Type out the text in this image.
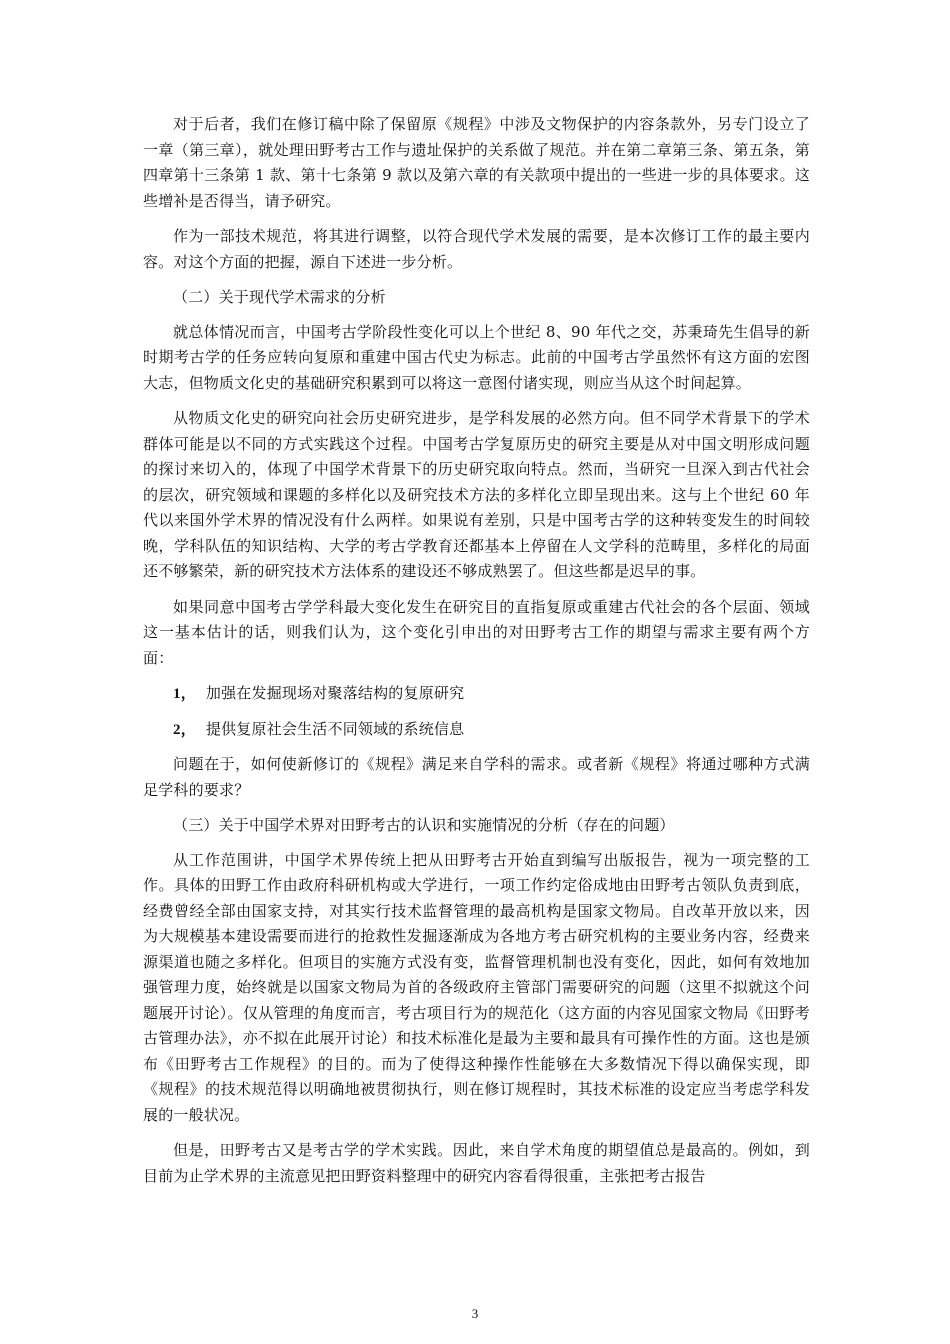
对于后者，我们在修订稿中除了保留原《规程》中涉及文物保护的内容条款外，另专门设立了一章（第三章），就处理田野考古工作与遗址保护的关系做了规范。并在第二章第三条、第五条，第四章第十三条第 1 款、第十七条第 9 款以及第六章的有关款项中提出的一些进一步的具体要求。这些增补是否得当，请予研究。

作为一部技术规范，将其进行调整，以符合现代学术发展的需要，是本次修订工作的最主要内容。对这个方面的把握，源自下述进一步分析。

（二）关于现代学术需求的分析

就总体情况而言，中国考古学阶段性变化可以上个世纪 8、90 年代之交，苏秉琦先生倡导的新时期考古学的任务应转向复原和重建中国古代史为标志。此前的中国考古学虽然怀有这方面的宏图大志，但物质文化史的基础研究积累到可以将这一意图付诸实现，则应当从这个时间起算。

从物质文化史的研究向社会历史研究进步，是学科发展的必然方向。但不同学术背景下的学术群体可能是以不同的方式实践这个过程。中国考古学复原历史的研究主要是从对中国文明形成问题的探讨来切入的，体现了中国学术背景下的历史研究取向特点。然而，当研究一旦深入到古代社会的层次，研究领域和课题的多样化以及研究技术方法的多样化立即呈现出来。这与上个世纪 60 年代以来国外学术界的情况没有什么两样。如果说有差别，只是中国考古学的这种转变发生的时间较晚，学科队伍的知识结构、大学的考古学教育还都基本上停留在人文学科的范畴里，多样化的局面还不够繁荣，新的研究技术方法体系的建设还不够成熟罢了。但这些都是迟早的事。

如果同意中国考古学学科最大变化发生在研究目的直指复原或重建古代社会的各个层面、领域这一基本估计的话，则我们认为，这个变化引申出的对田野考古工作的期望与需求主要有两个方面：

1， 加强在发掘现场对聚落结构的复原研究

2， 提供复原社会生活不同领域的系统信息

问题在于，如何使新修订的《规程》满足来自学科的需求。或者新《规程》将通过哪种方式满足学科的要求？

（三）关于中国学术界对田野考古的认识和实施情况的分析（存在的问题）

从工作范围讲，中国学术界传统上把从田野考古开始直到编写出版报告，视为一项完整的工作。具体的田野工作由政府科研机构或大学进行，一项工作约定俗成地由田野考古领队负责到底，经费曾经全部由国家支持，对其实行技术监督管理的最高机构是国家文物局。自改革开放以来，因为大规模基本建设需要而进行的抢救性发掘逐渐成为各地方考古研究机构的主要业务内容，经费来源渠道也随之多样化。但项目的实施方式没有变，监督管理机制也没有变化，因此，如何有效地加强管理力度，始终就是以国家文物局为首的各级政府主管部门需要研究的问题（这里不拟就这个问题展开讨论）。仅从管理的角度而言，考古项目行为的规范化（这方面的内容见国家文物局《田野考古管理办法》，亦不拟在此展开讨论）和技术标准化是最为主要和最具有可操作性的方面。这也是颁布《田野考古工作规程》的目的。而为了使得这种操作性能够在大多数情况下得以确保实现，即《规程》的技术规范得以明确地被贯彻执行，则在修订规程时，其技术标准的设定应当考虑学科发展的一般状况。

但是，田野考古又是考古学的学术实践。因此，来自学术角度的期望值总是最高的。例如，到目前为止学术界的主流意见把田野资料整理中的研究内容看得很重，主张把考古报告

3
